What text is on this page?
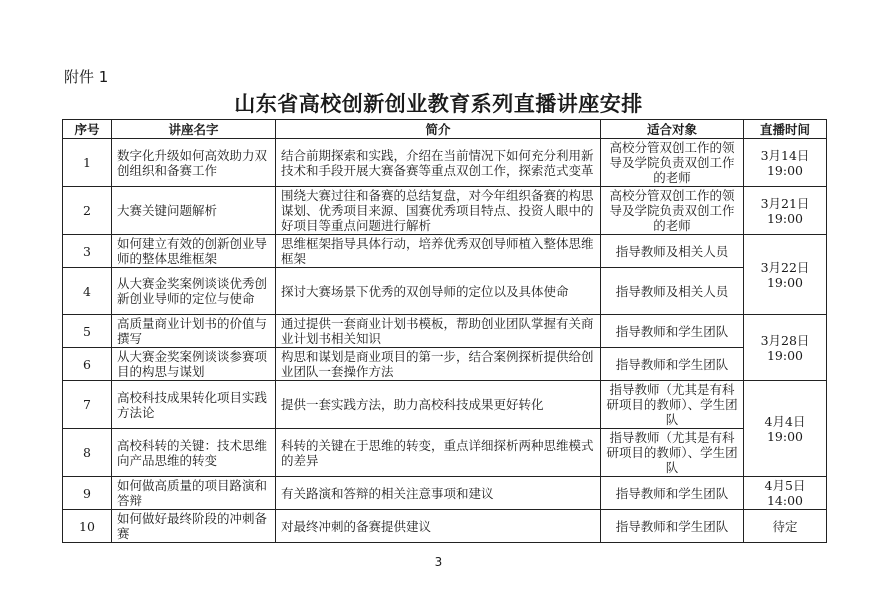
附件 1
山东省高校创新创业教育系列直播讲座安排
序号	讲座名字	简介	适合对象	直播时间
1	数字化升级如何高效助力双创组织和备赛工作	结合前期探索和实践，介绍在当前情况下如何充分利用新技术和手段开展大赛备赛等重点双创工作，探索范式变革	高校分管双创工作的领导及学院负责双创工作的老师	3月14日
19:00
2	大赛关键问题解析	围绕大赛过往和备赛的总结复盘，对今年组织备赛的构思谋划、优秀项目来源、国赛优秀项目特点、投资人眼中的好项目等重点问题进行解析	高校分管双创工作的领导及学院负责双创工作的老师	3月21日
19:00
3	如何建立有效的创新创业导师的整体思维框架	思维框架指导具体行动，培养优秀双创导师植入整体思维框架	指导教师及相关人员	3月22日
19:00
4	从大赛金奖案例谈谈优秀创新创业导师的定位与使命	探讨大赛场景下优秀的双创导师的定位以及具体使命	指导教师及相关人员	
5	高质量商业计划书的价值与撰写	通过提供一套商业计划书模板，帮助创业团队掌握有关商业计划书相关知识	指导教师和学生团队	3月28日
19:00
6	从大赛金奖案例谈谈参赛项目的构思与谋划	构思和谋划是商业项目的第一步，结合案例探析提供给创业团队一套操作方法	指导教师和学生团队	
7	高校科技成果转化项目实践方法论	提供一套实践方法，助力高校科技成果更好转化	指导教师（尤其是有科研项目的教师）、学生团队	4月4日
19:00
8	高校科转的关键：技术思维向产品思维的转变	科转的关键在于思维的转变，重点详细探析两种思维模式的差异	指导教师（尤其是有科研项目的教师）、学生团队	
9	如何做高质量的项目路演和答辩	有关路演和答辩的相关注意事项和建议	指导教师和学生团队	4月5日
14:00
10	如何做好最终阶段的冲刺备赛	对最终冲刺的备赛提供建议	指导教师和学生团队	待定
3
